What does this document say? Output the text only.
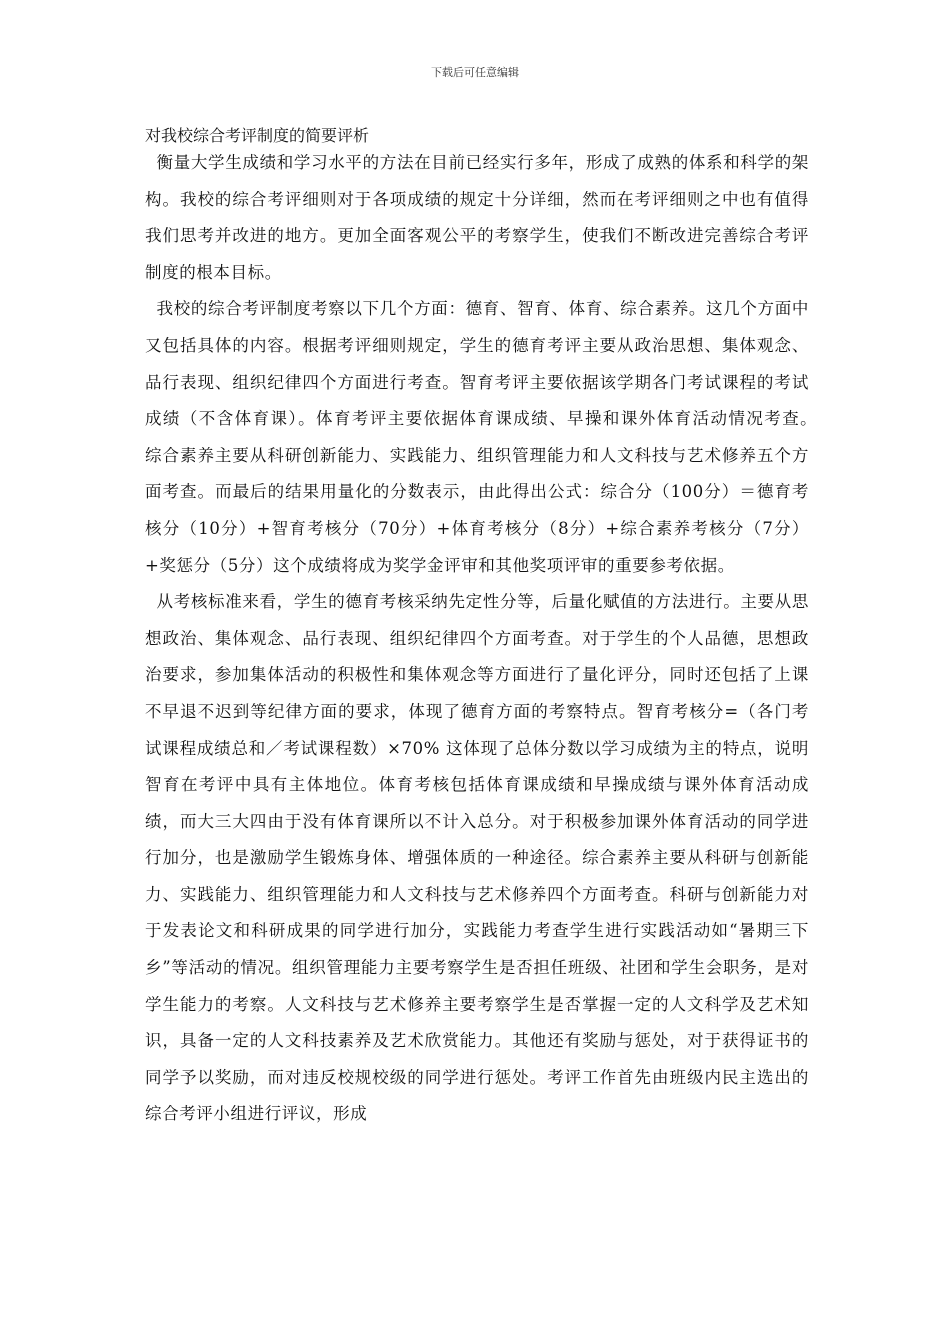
下载后可任意编辑
对我校综合考评制度的简要评析

衡量大学生成绩和学习水平的方法在目前已经实行多年，形成了成熟的体系和科学的架构。我校的综合考评细则对于各项成绩的规定十分详细，然而在考评细则之中也有值得我们思考并改进的地方。更加全面客观公平的考察学生，使我们不断改进完善综合考评制度的根本目标。

我校的综合考评制度考察以下几个方面：德育、智育、体育、综合素养。这几个方面中又包括具体的内容。根据考评细则规定，学生的德育考评主要从政治思想、集体观念、品行表现、组织纪律四个方面进行考查。智育考评主要依据该学期各门考试课程的考试成绩（不含体育课）。体育考评主要依据体育课成绩、早操和课外体育活动情况考查。　　综合素养主要从科研创新能力、实践能力、组织管理能力和人文科技与艺术修养五个方面考查。而最后的结果用量化的分数表示，由此得出公式：综合分（100分）＝德育考核分（10分）+智育考核分（70分）+体育考核分（8分）+综合素养考核分（7分）+奖惩分（5分）这个成绩将成为奖学金评审和其他奖项评审的重要参考依据。

从考核标准来看，学生的德育考核采纳先定性分等，后量化赋值的方法进行。主要从思想政治、集体观念、品行表现、组织纪律四个方面考查。对于学生的个人品德，思想政治要求，参加集体活动的积极性和集体观念等方面进行了量化评分，同时还包括了上课不早退不迟到等纪律方面的要求，体现了德育方面的考察特点。智育考核分=（各门考试课程成绩总和／考试课程数）×70% 这体现了总体分数以学习成绩为主的特点，说明智育在考评中具有主体地位。体育考核包括体育课成绩和早操成绩与课外体育活动成绩，而大三大四由于没有体育课所以不计入总分。对于积极参加课外体育活动的同学进行加分，也是激励学生锻炼身体、增强体质的一种途径。综合素养主要从科研与创新能力、实践能力、组织管理能力和人文科技与艺术修养四个方面考查。科研与创新能力对于发表论文和科研成果的同学进行加分，实践能力考查学生进行实践活动如“暑期三下乡”等活动的情况。组织管理能力主要考察学生是否担任班级、社团和学生会职务，是对学生能力的考察。人文科技与艺术修养主要考察学生是否掌握一定的人文科学及艺术知识，具备一定的人文科技素养及艺术欣赏能力。其他还有奖励与惩处，对于获得证书的同学予以奖励，而对违反校规校级的同学进行惩处。考评工作首先由班级内民主选出的综合考评小组进行评议，形成
